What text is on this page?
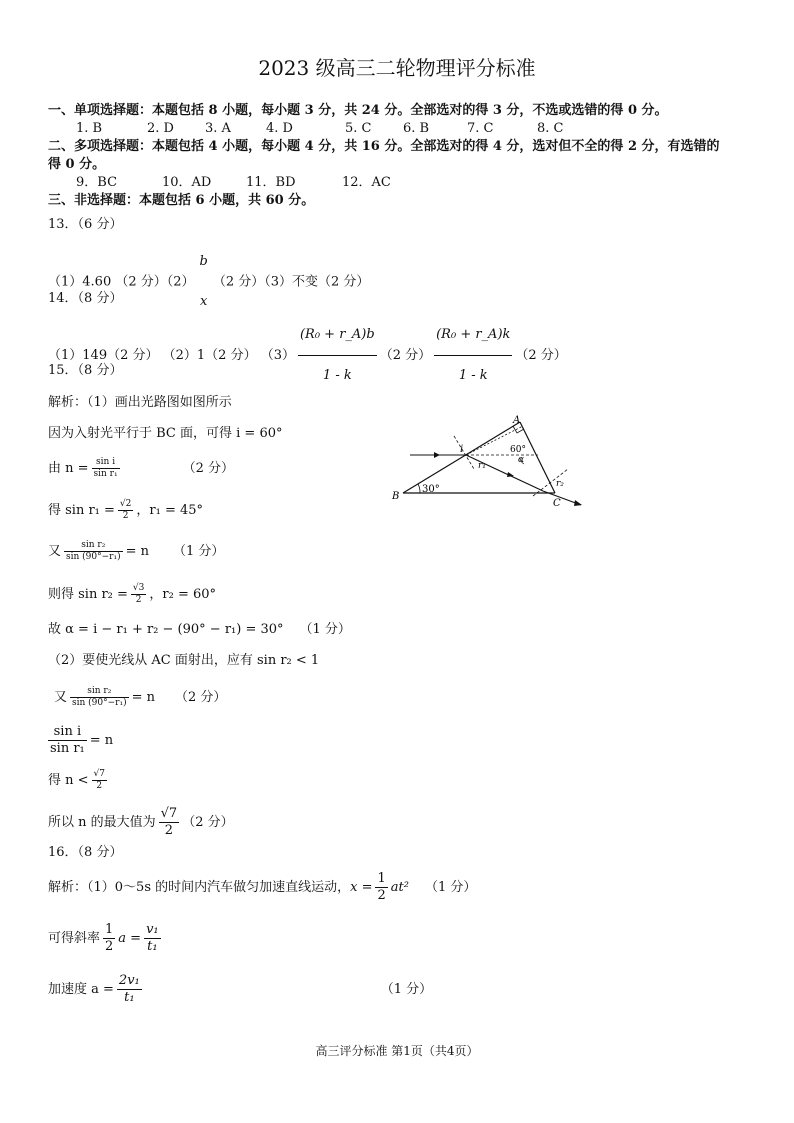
2023 级高三二轮物理评分标准
一、单项选择题：本题包括 8 小题，每小题 3 分，共 24 分。全部选对的得 3 分，不选或选错的得 0 分。
1. B	2. D 3. A	4. D	5. C 6. B	7. C	8. C
二、多项选择题：本题包括 4 小题，每小题 4 分，共 16 分。全部选对的得 4 分，选对但不全的得 2 分，有选错的
得 0 分。
9．BC	10．AD	11．BD	12．AC
三、非选择题：本题包括 6 小题，共 60 分。
13．（6 分）
（1）4.60 （2 分）（2）
b
x
（2 分）（3）不变（2 分）
14．（8 分）
（1）149（2 分） （2）1（2 分） $(3) \frac{\text{(R₀ + r\_A)b}}{1 - k} (2$ 分） $\frac{\text{(R₀ + r\_A)k}}{1 - k} (2$ 分）
15．（8 分）
解析：（1）画出光路图如图所示
因为入射光平行于 BC 面，可得 i = 60°
由 $n = \frac{\text{sin i}}{\text{sin r₁}}$	（2 分）
得 $\sin r_1 = \frac{√2}{2}$ ，r₁ = 45°
又 $\frac{\text{sin r₂}}{\text{sin (90°−r₁)}} = n$ （1 分）
则得 $\sin r_2 = \frac{√3}{2}$ ，r₂ = 60°
故 α = i − r₁ + r₂ − (90° − r₁) = 30° （1 分）
（2）要使光线从 AC 面射出，应有 sin r₂ < 1
又 $\frac{\text{sin r₂}}{\text{sin (90°−r₁)}} = n$ （2 分）
$\frac{\text{sin i}}{\text{sin r₁}} = n$
得 $n < \frac{√7}{2}$
所以 n 的最大值为 $\frac{√7}{2} (2$ 分）
A
B
C
30°
60°
i
r₁
α
r₂
16．（8 分）
解析：（1）0～5s 的时间内汽车做匀加速直线运动，$x = \frac{1}{2} at^2$ （1 分）
可得斜率 $\frac{1}{2}$ $a = \frac{\text{v₁}}{\text{t₁}}$
加速度 $a = \frac{\text{2v₁}}{\text{t₁}}$	（1 分）
高三评分标准 第1页（共4页）
